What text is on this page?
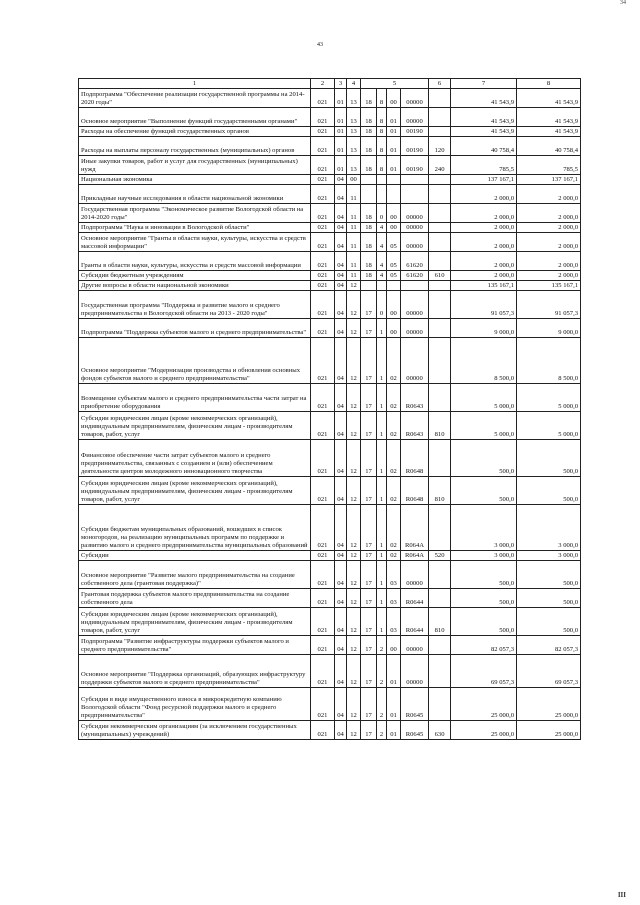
34
43
1	2	3	4	5				6	7	8
Подпрограмма "Обеспечение реализации государственной программы на 2014-2020 годы"	021	01	13	18	8	00	00000		41 543,9	41 543,9
Основное мероприятие "Выполнение функций государственными органами"	021	01	13	18	8	01	00000		41 543,9	41 543,9
Расходы на обеспечение функций государственных органов	021	01	13	18	8	01	00190		41 543,9	41 543,9
Расходы на выплаты персоналу государственных (муниципальных) органов	021	01	13	18	8	01	00190	120	40 758,4	40 758,4
Иные закупки товаров, работ и услуг для государственных (муниципальных) нужд	021	01	13	18	8	01	00190	240	785,5	785,5
Национальная экономика	021	04	00						137 167,1	137 167,1
Прикладные научные исследования в области национальной экономики	021	04	11						2 000,0	2 000,0
Государственная программа "Экономическое развитие Вологодской области на 2014-2020 годы"	021	04	11	18	0	00	00000		2 000,0	2 000,0
Подпрограмма "Наука и инновации в Вологодской области"	021	04	11	18	4	00	00000		2 000,0	2 000,0
Основное мероприятие "Гранты в области науки, культуры, искусства и средств массовой информации"	021	04	11	18	4	05	00000		2 000,0	2 000,0
Гранты в области науки, культуры, искусства и средств массовой информации	021	04	11	18	4	05	61620		2 000,0	2 000,0
Субсидии бюджетным учреждениям	021	04	11	18	4	05	61620	610	2 000,0	2 000,0
Другие вопросы в области национальной экономики	021	04	12						135 167,1	135 167,1
Государственная программа "Поддержка и развитие малого и среднего предпринимательства в Вологодской области на 2013 - 2020 годы"	021	04	12	17	0	00	00000		91 057,3	91 057,3
Подпрограмма "Поддержка субъектов малого и среднего предпринимательства"	021	04	12	17	1	00	00000		9 000,0	9 000,0
Основное мероприятие "Модернизация производства и обновления основных фондов субъектов малого и среднего предпринимательства"	021	04	12	17	1	02	00000		8 500,0	8 500,0
Возмещение субъектам малого и среднего предпринимательства части затрат на приобретение оборудования	021	04	12	17	1	02	R0643		5 000,0	5 000,0
Субсидии юридическим лицам (кроме некоммерческих организаций), индивидуальным предпринимателям, физическим лицам - производителям товаров, работ, услуг	021	04	12	17	1	02	R0643	810	5 000,0	5 000,0
Финансовое обеспечение части затрат субъектов малого и среднего предпринимательства, связанных с созданием и (или) обеспечением деятельности центров молодежного инновационного творчества	021	04	12	17	1	02	R0648		500,0	500,0
Субсидии юридическим лицам (кроме некоммерческих организаций), индивидуальным предпринимателям, физическим лицам - производителям товаров, работ, услуг	021	04	12	17	1	02	R0648	810	500,0	500,0
Субсидии бюджетам муниципальных образований, вошедших в список моногородов, на реализацию муниципальных программ по поддержке и развитию малого и среднего предпринимательства муниципальных образований	021	04	12	17	1	02	R064A		3 000,0	3 000,0
Субсидии	021	04	12	17	1	02	R064A	520	3 000,0	3 000,0
Основное мероприятие "Развитие малого предпринимательства на создание собственного дела (грантовая поддержка)"	021	04	12	17	1	03	00000		500,0	500,0
Грантовая поддержка субъектов малого предпринимательства на создание собственного дела	021	04	12	17	1	03	R0644		500,0	500,0
Субсидии юридическим лицам (кроме некоммерческих организаций), индивидуальным предпринимателям, физическим лицам - производителям товаров, работ, услуг	021	04	12	17	1	03	R0644	810	500,0	500,0
Подпрограмма "Развитие инфраструктуры поддержки субъектов малого и среднего предпринимательства"	021	04	12	17	2	00	00000		82 057,3	82 057,3
Основное мероприятие "Поддержка организаций, образующих инфраструктуру поддержки субъектов малого и среднего предпринимательства"	021	04	12	17	2	01	00000		69 057,3	69 057,3
Субсидия в виде имущественного взноса в микрокредитную компанию Вологодской области "Фонд ресурсной поддержки малого и среднего предпринимательства"	021	04	12	17	2	01	R0645		25 000,0	25 000,0
Субсидии некоммерческим организациям (за исключением государственных (муниципальных) учреждений)	021	04	12	17	2	01	R0645	630	25 000,0	25 000,0
III
